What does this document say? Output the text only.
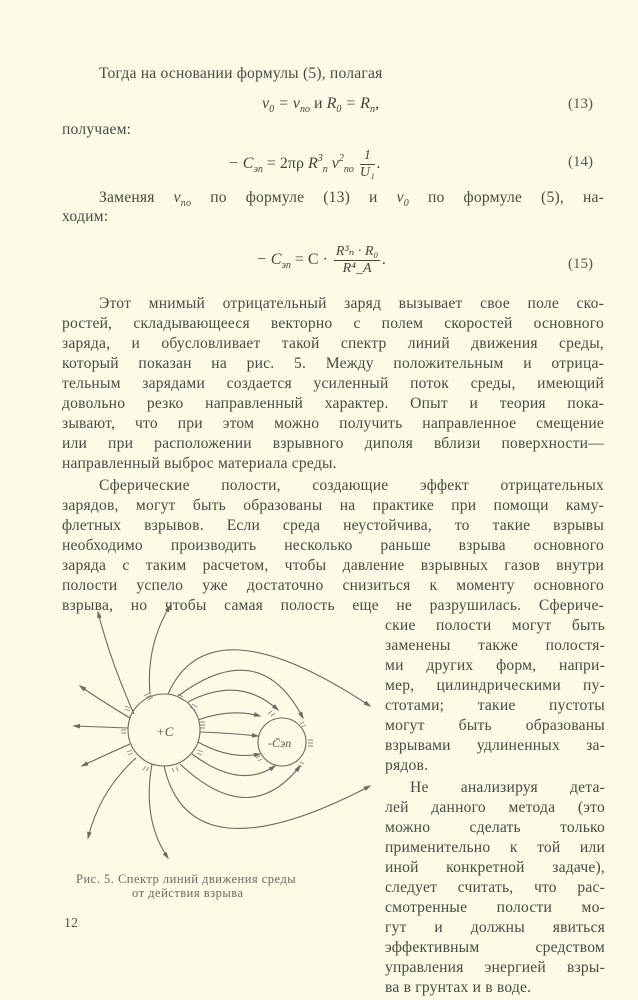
Тогда на основании формулы (5), полагая
$v_0 = v_{по}$ и $R_0 = R_п$,	(13)
получаем:
− $C_{эп} = 2\pi\rho$ $R^3_п$ $v^2_{по} \frac{1}{\text{U₁}}$ .	(14)
Заменяя $v_{по}$ по формуле (13) и $v_0$ по формуле (5), на-
ходим:
− $C_{эп} = C \cdot \frac{\text{R³ₙ · R₀}}{\text{R⁴\_A}}$ .	(15)
Этот мнимый отрицательный заряд вызывает свое поле ско-
ростей, складывающееся векторно с полем скоростей основного
заряда, и обусловливает такой спектр линий движения среды,
который показан на рис. 5. Между положительным и отрица-
тельным зарядами создается усиленный поток среды, имеющий
довольно резко направленный характер. Опыт и теория пока-
зывают, что при этом можно получить направленное смещение
или при расположении взрывного диполя вблизи поверхности—
направленный выброс материала среды.
Сферические полости, создающие эффект отрицательных
зарядов, могут быть образованы на практике при помощи каму-
флетных взрывов. Если среда неустойчива, то такие взрывы
необходимо производить несколько раньше взрыва основного
заряда с таким расчетом, чтобы давление взрывных газов внутри
полости успело уже достаточно снизиться к моменту основного
взрыва, но чтобы самая полость еще не разрушилась. Сфериче-
ские полости могут быть
заменены также полостя-
ми других форм, напри-
мер, цилиндрическими пу-
стотами; такие пустоты
могут быть образованы
взрывами удлиненных за-
рядов.
Не анализируя дета-
лей данного метода (это
можно сделать только
применительно к той или
иной конкретной задаче),
следует считать, что рас-
смотренные полости мо-
гут и должны явиться
эффективным средством
управления энергией взры-
ва в грунтах и в воде.
+C
-C̄эп
Рис. 5. Спектр линий движения среды
от действия взрыва
12
